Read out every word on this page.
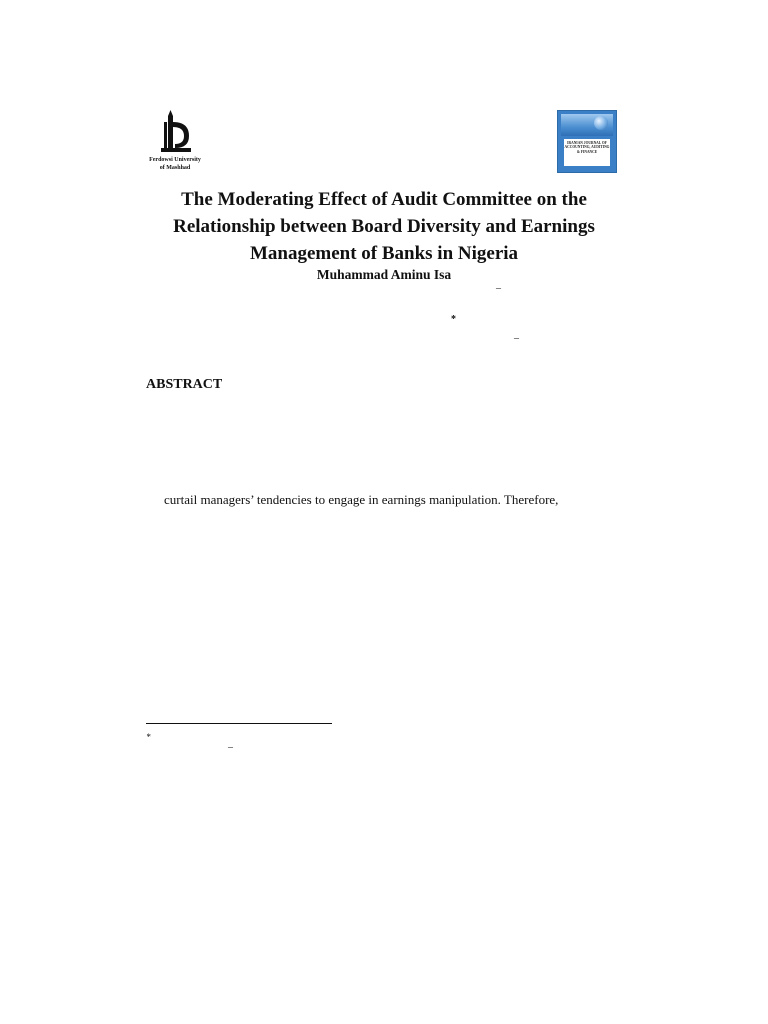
Ferdowsi University
of Mashhad
IRANIAN JOURNAL OF ACCOUNTING, AUDITING & FINANCE
The Moderating Effect of Audit Committee on the
Relationship between Board Diversity and Earnings
Management of Banks in Nigeria
Muhammad Aminu Isa
–
*
–
ABSTRACT
curtail managers’ tendencies to engage in earnings manipulation. Therefore,
*
–
